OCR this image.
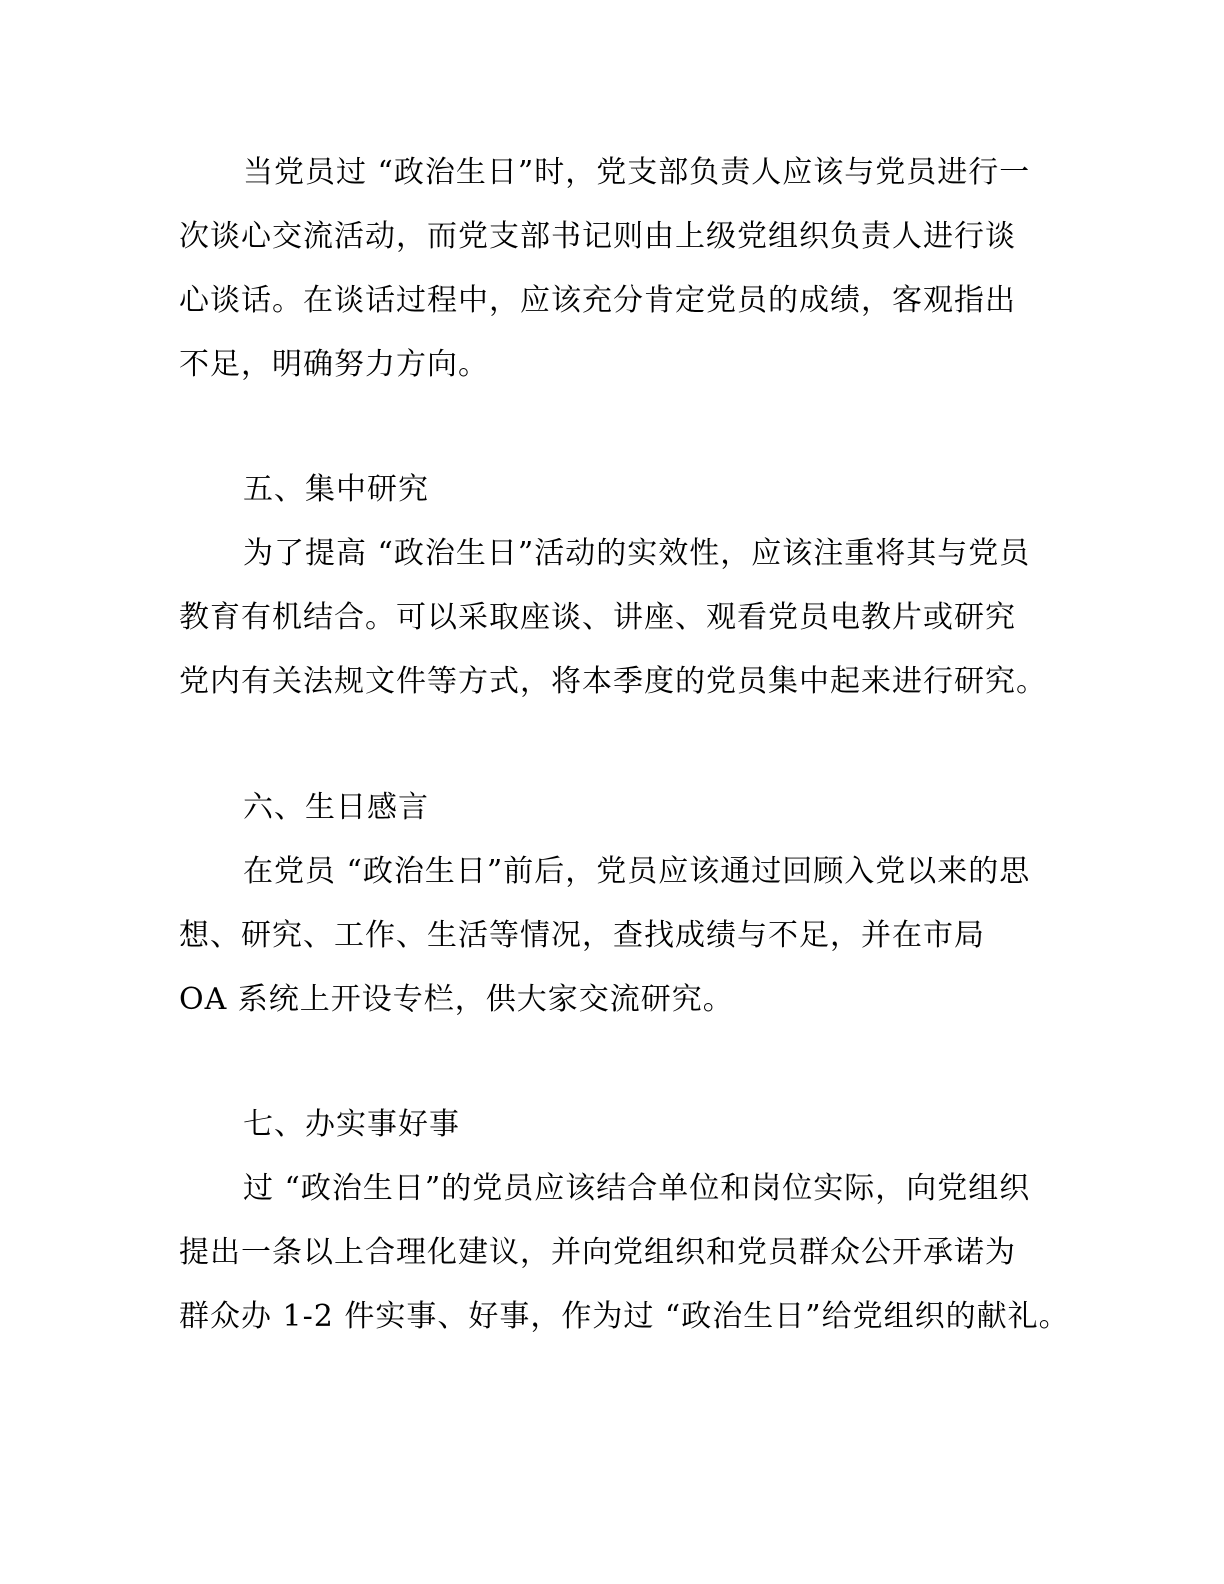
当党员过 “政治生日”时，党支部负责人应该与党员进行一
次谈心交流活动，而党支部书记则由上级党组织负责人进行谈
心谈话。在谈话过程中，应该充分肯定党员的成绩，客观指出
不足，明确努力方向。
五、集中研究
为了提高 “政治生日”活动的实效性，应该注重将其与党员
教育有机结合。可以采取座谈、讲座、观看党员电教片或研究
党内有关法规文件等方式，将本季度的党员集中起来进行研究。
六、生日感言
在党员 “政治生日”前后，党员应该通过回顾入党以来的思
想、研究、工作、生活等情况，查找成绩与不足，并在市局
OA 系统上开设专栏，供大家交流研究。
七、办实事好事
过 “政治生日”的党员应该结合单位和岗位实际，向党组织
提出一条以上合理化建议，并向党组织和党员群众公开承诺为
群众办 1-2 件实事、好事，作为过 “政治生日”给党组织的献礼。
